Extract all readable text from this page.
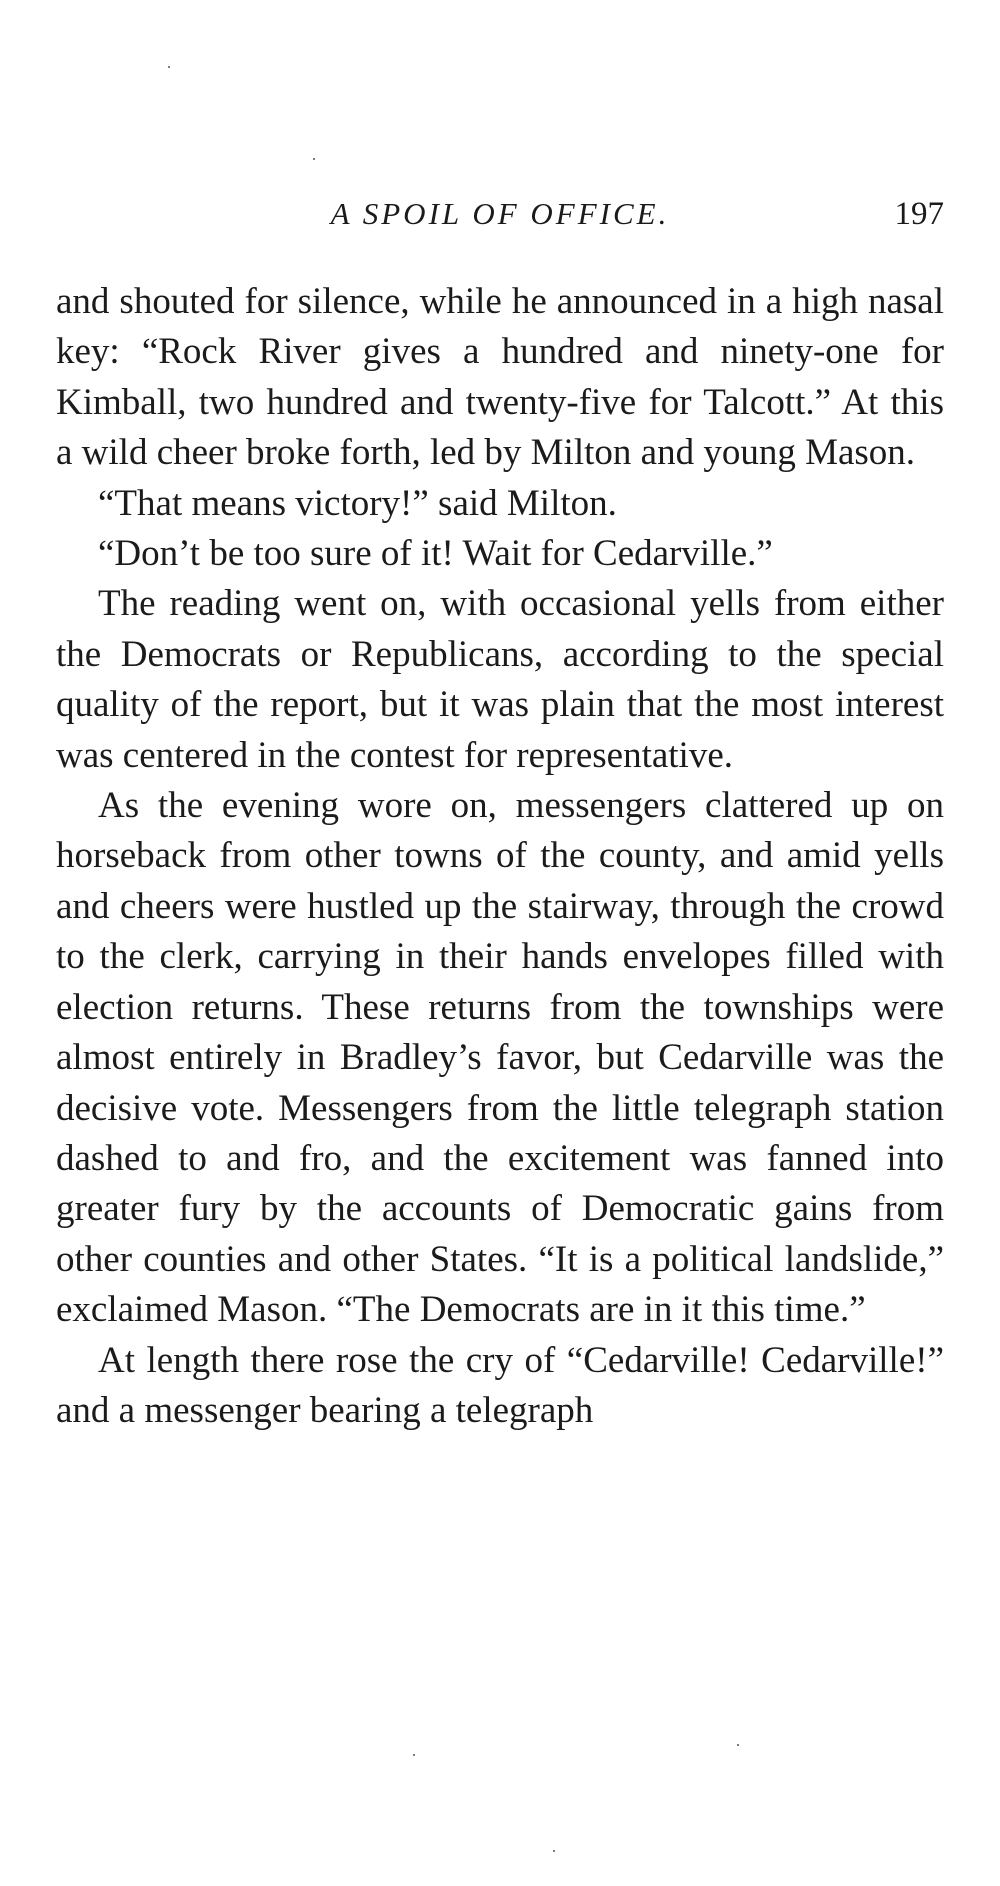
A SPOIL OF OFFICE.	197

and shouted for silence, while he announced in a high nasal key: “Rock River gives a hundred and ninety-one for Kimball, two hundred and twenty-five for Talcott.” At this a wild cheer broke forth, led by Milton and young Mason.

“That means victory!” said Milton.

“Don’t be too sure of it! Wait for Cedarville.”

The reading went on, with occasional yells from either the Democrats or Republicans, according to the special quality of the report, but it was plain that the most interest was centered in the contest for representative.

As the evening wore on, messengers clattered up on horseback from other towns of the county, and amid yells and cheers were hustled up the stairway, through the crowd to the clerk, carrying in their hands envelopes filled with election returns. These returns from the townships were almost entirely in Bradley’s favor, but Cedarville was the decisive vote. Messengers from the little telegraph station dashed to and fro, and the excitement was fanned into greater fury by the accounts of Democratic gains from other counties and other States. “It is a political landslide,” exclaimed Mason. “The Democrats are in it this time.”

At length there rose the cry of “Cedarville! Cedarville!” and a messenger bearing a telegraph
